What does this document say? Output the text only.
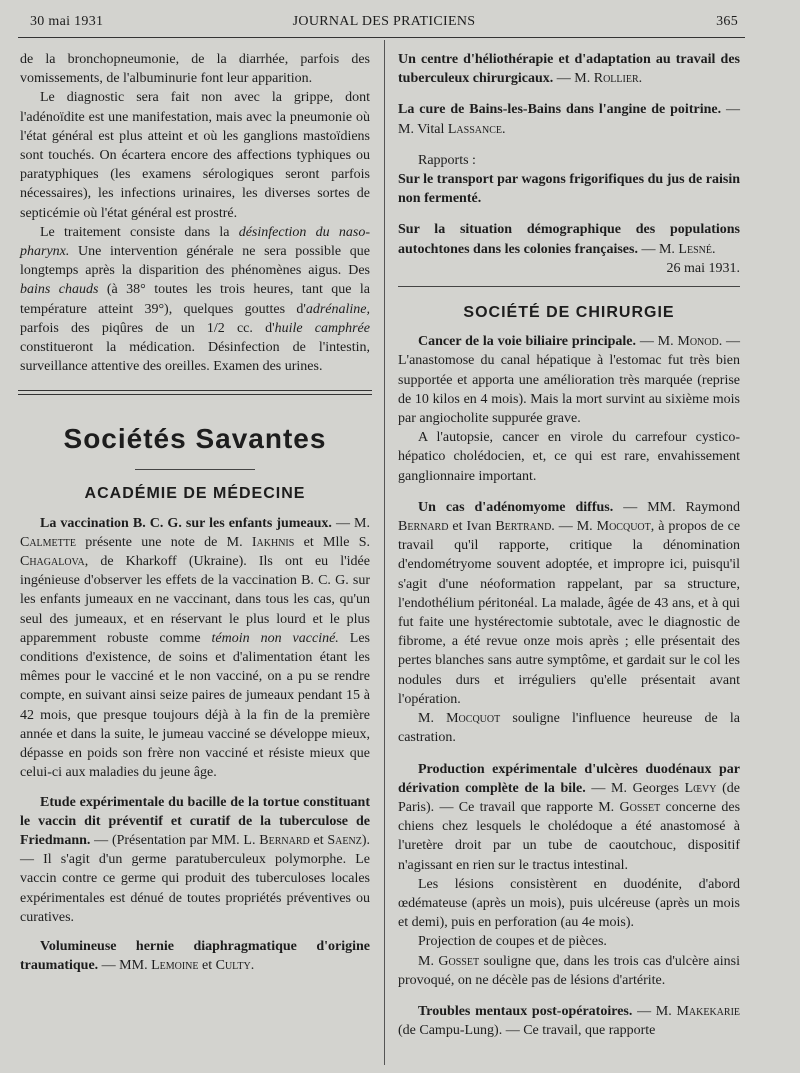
30 mai 1931	JOURNAL DES PRATICIENS	365

de la bronchopneumonie, de la diarrhée, parfois des vomissements, de l'albuminurie font leur apparition.

Le diagnostic sera fait non avec la grippe, dont l'adénoïdite est une manifestation, mais avec la pneumonie où l'état général est plus atteint et où les ganglions mastoïdiens sont touchés. On écartera encore des affections typhiques ou paratyphiques (les examens sérologiques seront parfois nécessaires), les infections urinaires, les diverses sortes de septicémie où l'état général est prostré.

Le traitement consiste dans la désinfection du naso-pharynx. Une intervention générale ne sera possible que longtemps après la disparition des phénomènes aigus. Des bains chauds (à 38° toutes les trois heures, tant que la température atteint 39°), quelques gouttes d'adrénaline, parfois des piqûres de un 1/2 cc. d'huile camphrée constitueront la médication. Désinfection de l'intestin, surveillance attentive des oreilles. Examen des urines.

Sociétés Savantes
ACADÉMIE DE MÉDECINE

La vaccination B. C. G. sur les enfants jumeaux. — M. Calmette présente une note de M. Iakhnis et Mlle S. Chagalova, de Kharkoff (Ukraine). Ils ont eu l'idée ingénieuse d'observer les effets de la vaccination B. C. G. sur les enfants jumeaux en ne vaccinant, dans tous les cas, qu'un seul des jumeaux, et en réservant le plus lourd et le plus apparemment robuste comme témoin non vacciné. Les conditions d'existence, de soins et d'alimentation étant les mêmes pour le vacciné et le non vacciné, on a pu se rendre compte, en suivant ainsi seize paires de jumeaux pendant 15 à 42 mois, que presque toujours déjà à la fin de la première année et dans la suite, le jumeau vacciné se développe mieux, dépasse en poids son frère non vacciné et résiste mieux que celui-ci aux maladies du jeune âge.

Etude expérimentale du bacille de la tortue constituant le vaccin dit préventif et curatif de la tuberculose de Friedmann. — (Présentation par MM. L. Bernard et Saenz). — Il s'agit d'un germe paratuberculeux polymorphe. Le vaccin contre ce germe qui produit des tuberculoses locales expérimentales est dénué de toutes propriétés préventives ou curatives.

Volumineuse hernie diaphragmatique d'origine traumatique. — MM. Lemoine et Culty.

Un centre d'héliothérapie et d'adaptation au travail des tuberculeux chirurgicaux. — M. Rollier.

La cure de Bains-les-Bains dans l'angine de poitrine. — M. Vital Lassance.

Rapports :

Sur le transport par wagons frigorifiques du jus de raisin non fermenté.

Sur la situation démographique des populations autochtones dans les colonies françaises. — M. Lesné.

26 mai 1931.

SOCIÉTÉ DE CHIRURGIE

Cancer de la voie biliaire principale. — M. Monod. — L'anastomose du canal hépatique à l'estomac fut très bien supportée et apporta une amélioration très marquée (reprise de 10 kilos en 4 mois). Mais la mort survint au sixième mois par angiocholite suppurée grave.

A l'autopsie, cancer en virole du carrefour cystico-hépatico cholédocien, et, ce qui est rare, envahissement ganglionnaire important.

Un cas d'adénomyome diffus. — MM. Raymond Bernard et Ivan Bertrand. — M. Mocquot, à propos de ce travail qu'il rapporte, critique la dénomination d'endométryome souvent adoptée, et impropre ici, puisqu'il s'agit d'une néoformation rappelant, par sa structure, l'endothélium péritonéal. La malade, âgée de 43 ans, et à qui fut faite une hystérectomie subtotale, avec le diagnostic de fibrome, a été revue onze mois après ; elle présentait des pertes blanches sans autre symptôme, et gardait sur le col les nodules durs et irréguliers qu'elle présentait avant l'opération.

M. Mocquot souligne l'influence heureuse de la castration.

Production expérimentale d'ulcères duodénaux par dérivation complète de la bile. — M. Georges Lœvy (de Paris). — Ce travail que rapporte M. Gosset concerne des chiens chez lesquels le cholédoque a été anastomosé à l'uretère droit par un tube de caoutchouc, dispositif n'agissant en rien sur le tractus intestinal.

Les lésions consistèrent en duodénite, d'abord œdémateuse (après un mois), puis ulcéreuse (après un mois et demi), puis en perforation (au 4e mois).

Projection de coupes et de pièces.

M. Gosset souligne que, dans les trois cas d'ulcère ainsi provoqué, on ne décèle pas de lésions d'artérite.

Troubles mentaux post-opératoires. — M. Makekarie (de Campu-Lung). — Ce travail, que rapporte
